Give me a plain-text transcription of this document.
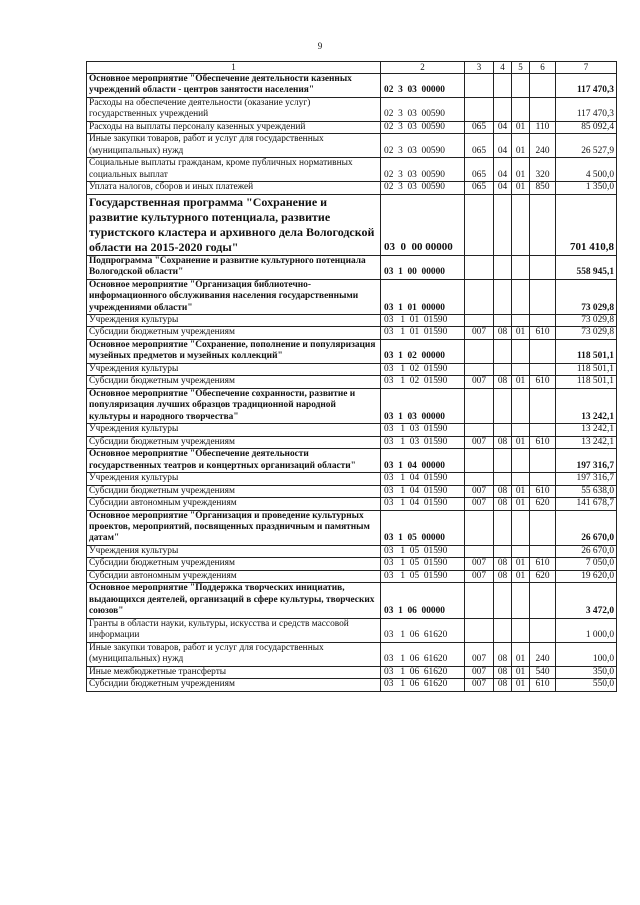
9
1	2	3	4	5	6	7
Основное мероприятие "Обеспечение деятельности казенных учреждений области - центров занятости населения"	02  3  03  00000					117 470,3
Расходы на обеспечение деятельности (оказание услуг) государственных учреждений	02  3  03  00590					117 470,3
Расходы на выплаты персоналу казенных учреждений	02  3  03  00590	065	04	01	110	85 092,4
Иные закупки товаров, работ и услуг для государственных (муниципальных) нужд	02  3  03  00590	065	04	01	240	26 527,9
Социальные выплаты гражданам, кроме публичных нормативных социальных выплат	02  3  03  00590	065	04	01	320	4 500,0
Уплата налогов, сборов и иных платежей	02  3  03  00590	065	04	01	850	1 350,0
Государственная программа "Сохранение и развитие культурного потенциала, развитие туристского кластера и архивного дела Вологодской области на 2015-2020 годы"	03  0  00 00000					701 410,8
Подпрограмма "Сохранение и развитие культурного потенциала Вологодской области"	03  1  00  00000					558 945,1
Основное мероприятие "Организация библиотечно-информационного обслуживания населения государственными учреждениями области"	03  1  01  00000					73 029,8
Учреждения культуры	03   1  01  01590					73 029,8
Субсидии бюджетным учреждениям	03   1  01  01590	007	08	01	610	73 029,8
Основное мероприятие "Сохранение, пополнение и популяризация музейных предметов и музейных коллекций"	03  1  02  00000					118 501,1
Учреждения культуры	03   1  02  01590					118 501,1
Субсидии бюджетным учреждениям	03   1  02  01590	007	08	01	610	118 501,1
Основное мероприятие "Обеспечение сохранности, развитие и популяризация лучших образцов традиционной народной культуры и народного творчества"	03  1  03  00000					13 242,1
Учреждения культуры	03   1  03  01590					13 242,1
Субсидии бюджетным учреждениям	03   1  03  01590	007	08	01	610	13 242,1
Основное мероприятие "Обеспечение деятельности государственных театров и концертных организаций области"	03  1  04  00000					197 316,7
Учреждения культуры	03   1  04  01590					197 316,7
Субсидии бюджетным учреждениям	03   1  04  01590	007	08	01	610	55 638,0
Субсидии автономным учреждениям	03   1  04  01590	007	08	01	620	141 678,7
Основное мероприятие "Организация и проведение культурных проектов, мероприятий, посвященных праздничным и памятным датам"	03  1  05  00000					26 670,0
Учреждения культуры	03   1  05  01590					26 670,0
Субсидии бюджетным учреждениям	03   1  05  01590	007	08	01	610	7 050,0
Субсидии автономным учреждениям	03   1  05  01590	007	08	01	620	19 620,0
Основное мероприятие "Поддержка творческих инициатив, выдающихся деятелей, организаций в сфере культуры, творческих союзов"	03  1  06  00000					3 472,0
Гранты в области науки, культуры, искусства и средств массовой информации	03   1  06  61620					1 000,0
Иные закупки товаров, работ и услуг для государственных (муниципальных) нужд	03   1  06  61620	007	08	01	240	100,0
Иные межбюджетные трансферты	03   1  06  61620	007	08	01	540	350,0
Субсидии бюджетным учреждениям	03   1  06  61620	007	08	01	610	550,0
